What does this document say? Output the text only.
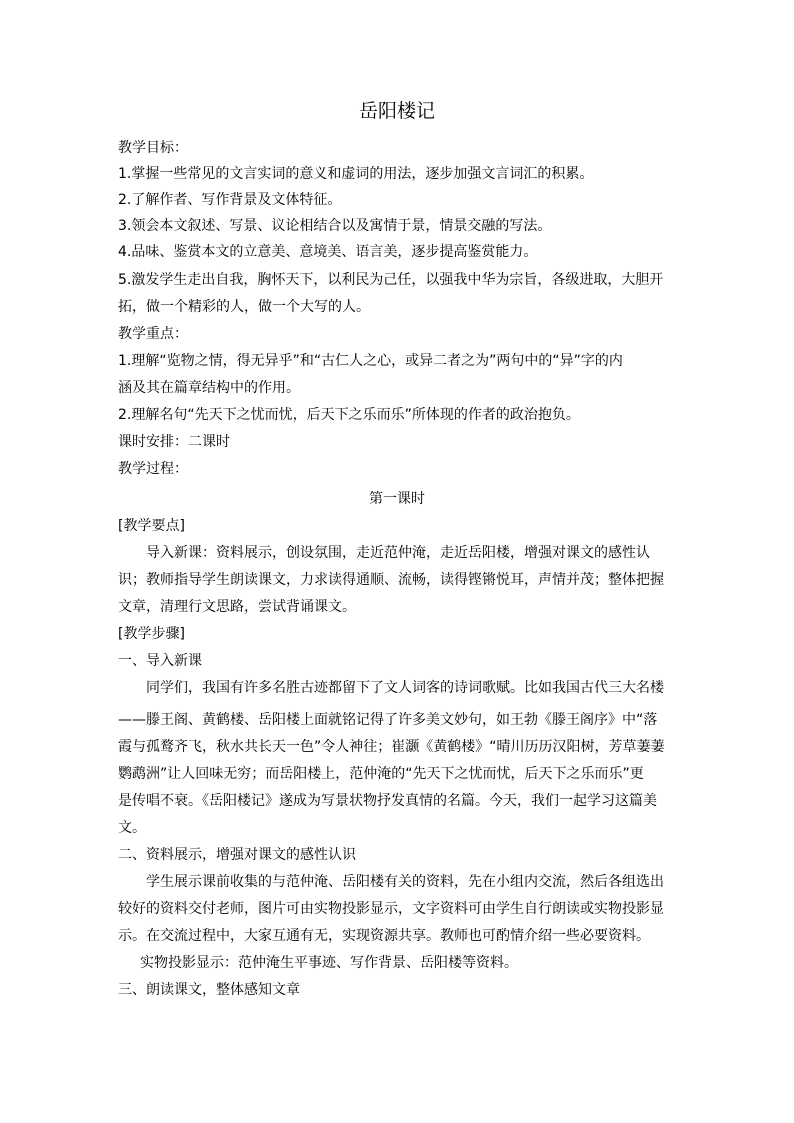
岳阳楼记
教学目标：
1.掌握一些常见的文言实词的意义和虚词的用法，逐步加强文言词汇的积累。
2.了解作者、写作背景及文体特征。
3.领会本文叙述、写景、议论相结合以及寓情于景，情景交融的写法。
4.品味、鉴赏本文的立意美、意境美、语言美，逐步提高鉴赏能力。
5.激发学生走出自我，胸怀天下，以利民为己任，以强我中华为宗旨，各级进取，大胆开
拓，做一个精彩的人，做一个大写的人。
教学重点：
1.理解“览物之情，得无异乎”和“古仁人之心，或异二者之为”两句中的“异”字的内
涵及其在篇章结构中的作用。
2.理解名句“先天下之忧而忧，后天下之乐而乐”所体现的作者的政治抱负。
课时安排：二课时
教学过程：
第一课时
[教学要点]
导入新课：资料展示，创设氛围，走近范仲淹，走近岳阳楼，增强对课文的感性认
识；教师指导学生朗读课文，力求读得通顺、流畅，读得铿锵悦耳，声情并茂；整体把握
文章，清理行文思路，尝试背诵课文。
[教学步骤]
一、导入新课
同学们，我国有许多名胜古迹都留下了文人词客的诗词歌赋。比如我国古代三大名楼
——滕王阁、黄鹤楼、岳阳楼上面就铭记得了许多美文妙句，如王勃《滕王阁序》中“落
霞与孤鹜齐飞，秋水共长天一色”令人神往；崔灏《黄鹤楼》“晴川历历汉阳树，芳草萋萋
鹦鹉洲”让人回味无穷；而岳阳楼上，范仲淹的“先天下之忧而忧，后天下之乐而乐”更
是传唱不衰。《岳阳楼记》遂成为写景状物抒发真情的名篇。今天，我们一起学习这篇美
文。
二、资料展示，增强对课文的感性认识
学生展示课前收集的与范仲淹、岳阳楼有关的资料，先在小组内交流，然后各组选出
较好的资料交付老师，图片可由实物投影显示，文字资料可由学生自行朗读或实物投影显
示。在交流过程中，大家互通有无，实现资源共享。教师也可酌情介绍一些必要资料。
实物投影显示：范仲淹生平事迹、写作背景、岳阳楼等资料。
三、朗读课文，整体感知文章
